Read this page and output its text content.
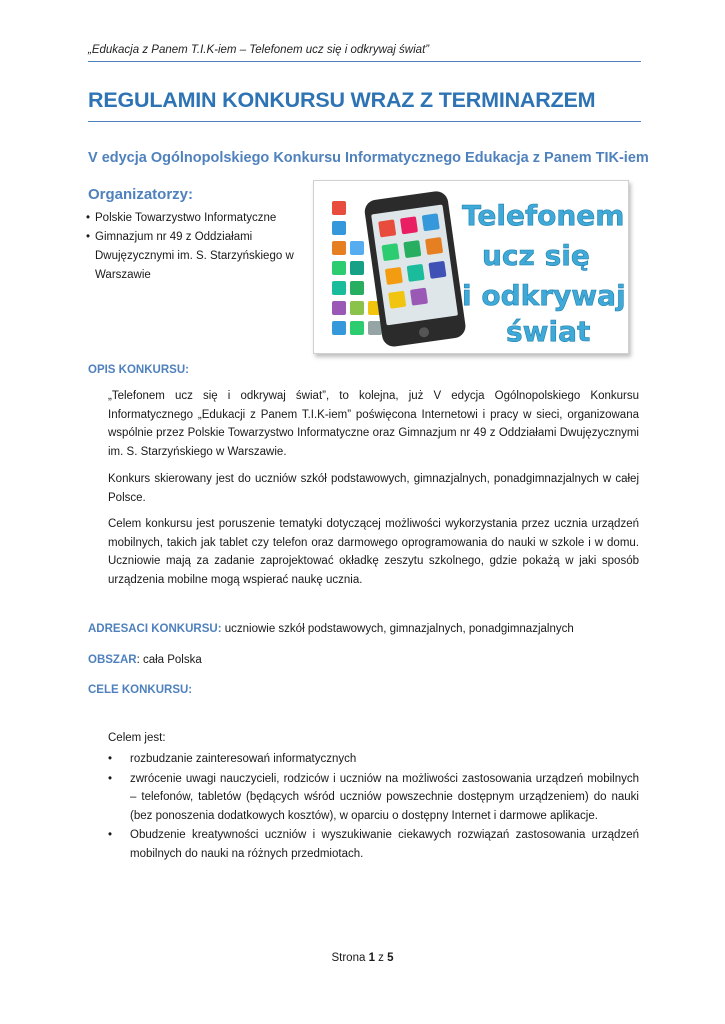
„Edukacja z Panem T.I.K-iem – Telefonem ucz się i odkrywaj świat”
REGULAMIN KONKURSU WRAZ Z TERMINARZEM
V edycja Ogólnopolskiego Konkursu Informatycznego Edukacja z Panem TIK-iem
Organizatorzy:
• Polskie Towarzystwo Informatyczne
• Gimnazjum nr 49 z Oddziałami Dwujęzycznymi im. S. Starzyńskiego w Warszawie
Telefonem
ucz się
i odkrywaj
świat
OPIS KONKURSU:

„Telefonem ucz się i odkrywaj świat”, to kolejna, już V edycja Ogólnopolskiego Konkursu Informatycznego „Edukacji z Panem T.I.K-iem” poświęcona Internetowi i pracy w sieci, organizowana wspólnie przez Polskie Towarzystwo Informatyczne oraz Gimnazjum nr 49 z Oddziałami Dwujęzycznymi im. S. Starzyńskiego w Warszawie.

Konkurs skierowany jest do uczniów szkół podstawowych, gimnazjalnych, ponadgimnazjalnych w całej Polsce.

Celem konkursu jest poruszenie tematyki dotyczącej możliwości wykorzystania przez ucznia urządzeń mobilnych, takich jak tablet czy telefon oraz darmowego oprogramowania do nauki w szkole i w domu. Uczniowie mają za zadanie zaprojektować okładkę zeszytu szkolnego, gdzie pokażą w jaki sposób urządzenia mobilne mogą wspierać naukę ucznia.

ADRESACI KONKURSU: uczniowie szkół podstawowych, gimnazjalnych, ponadgimnazjalnych
OBSZAR: cała Polska
CELE KONKURSU:
Celem jest:
• rozbudzanie zainteresowań informatycznych
• zwrócenie uwagi nauczycieli, rodziców i uczniów na możliwości zastosowania urządzeń mobilnych – telefonów, tabletów (będących wśród uczniów powszechnie dostępnym urządzeniem) do nauki (bez ponoszenia dodatkowych kosztów), w oparciu o dostępny Internet i darmowe aplikacje.
• Obudzenie kreatywności uczniów i wyszukiwanie ciekawych rozwiązań zastosowania urządzeń mobilnych do nauki na różnych przedmiotach.
Strona 1 z 5
